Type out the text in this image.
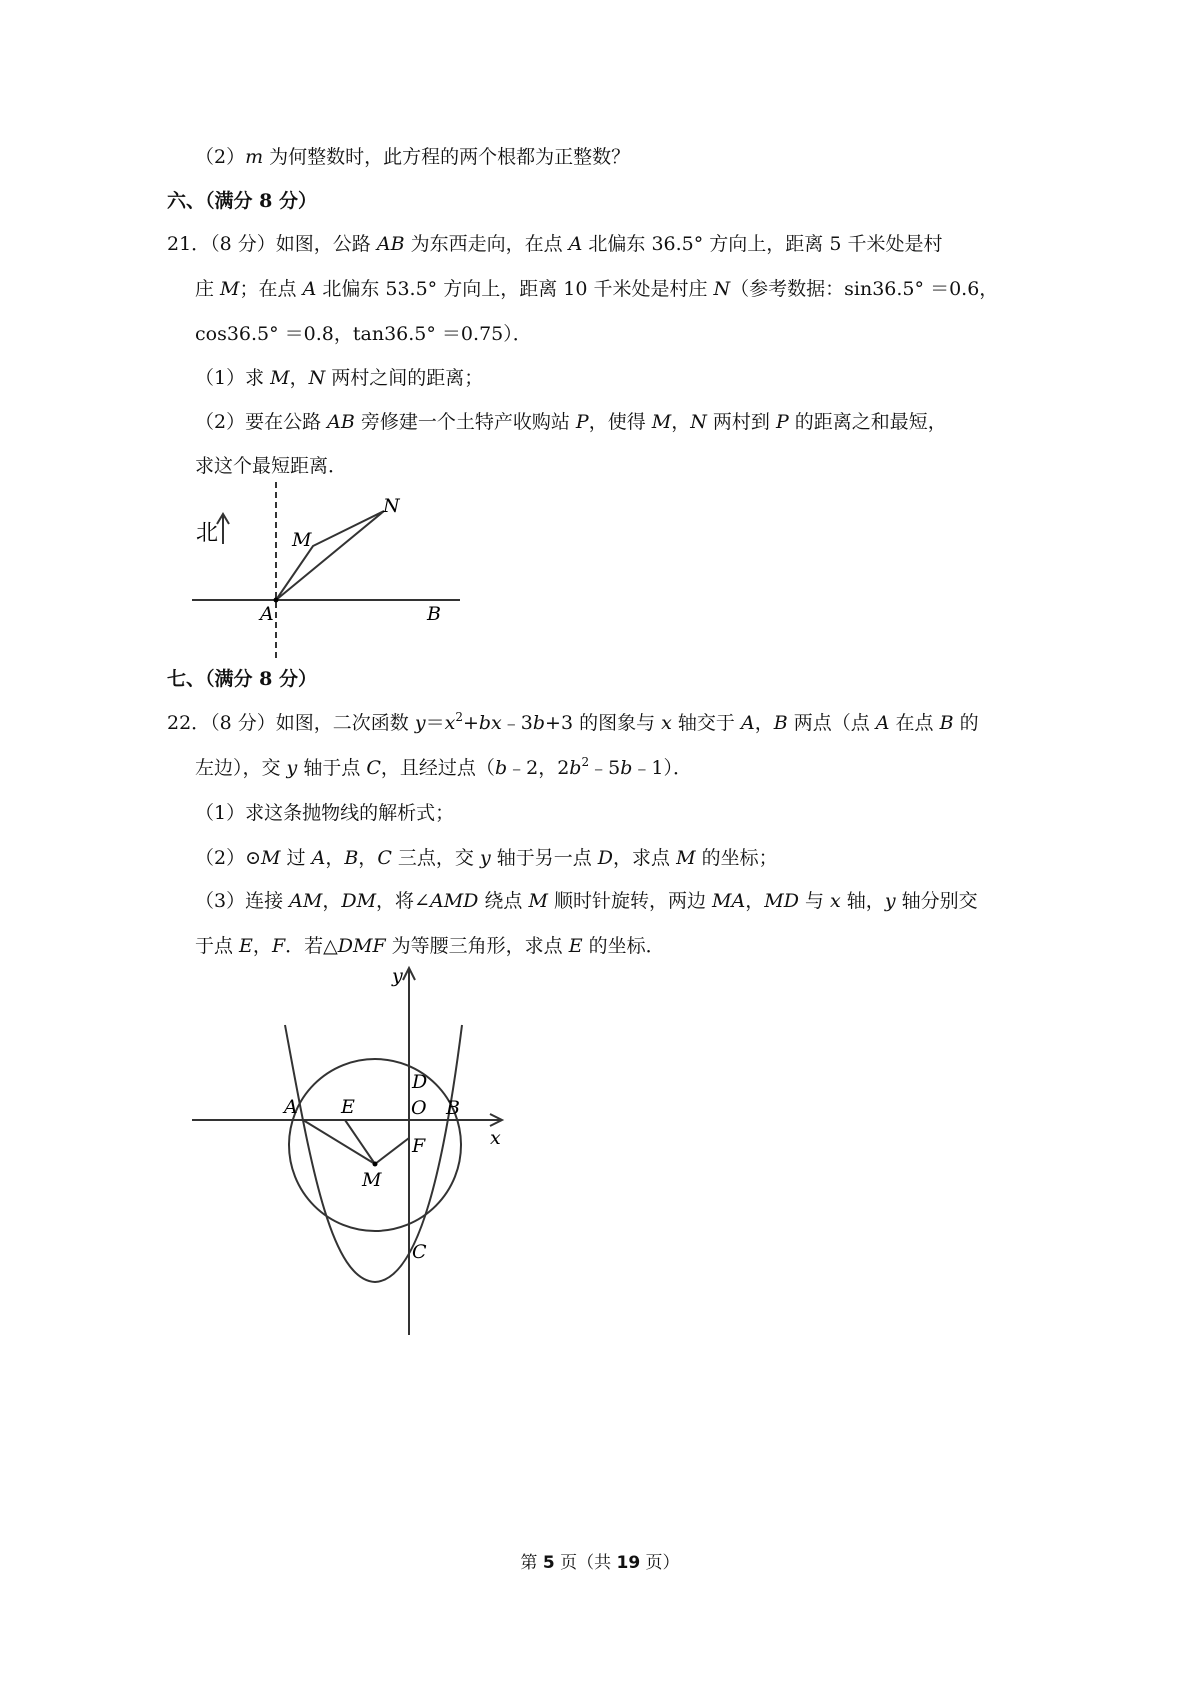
（2）m 为何整数时，此方程的两个根都为正整数？
六、（满分 8 分）
21．（8 分）如图，公路 AB 为东西走向，在点 A 北偏东 36.5° 方向上，距离 5 千米处是村
庄 M；在点 A 北偏东 53.5° 方向上，距离 10 千米处是村庄 N（参考数据：sin36.5° ＝0.6，
cos36.5° ＝0.8，tan36.5° ＝0.75）．
（1）求 M，N 两村之间的距离；
（2）要在公路 AB 旁修建一个土特产收购站 P，使得 M，N 两村到 P 的距离之和最短，
求这个最短距离．
北	M
N
A	B
七、（满分 8 分）
22．（8 分）如图，二次函数 $y=x^2+bx﹣3b+3$ 的图象与 x 轴交于 A，B 两点（点 A 在点 B 的
左边），交 y 轴于点 C，且经过点（b﹣2，$2b^2﹣5b﹣1$）．
（1）求这条抛物线的解析式；
（2）⊙M 过 A，B，C 三点，交 y 轴于另一点 D，求点 M 的坐标；
（3）连接 AM，DM，将∠AMD 绕点 M 顺时针旋转，两边 MA，MD 与 x 轴，y 轴分别交
于点 E，F．若△DMF 为等腰三角形，求点 E 的坐标．
y
x
A E	O B
D
F
M
C
第 5 页（共 19 页）
